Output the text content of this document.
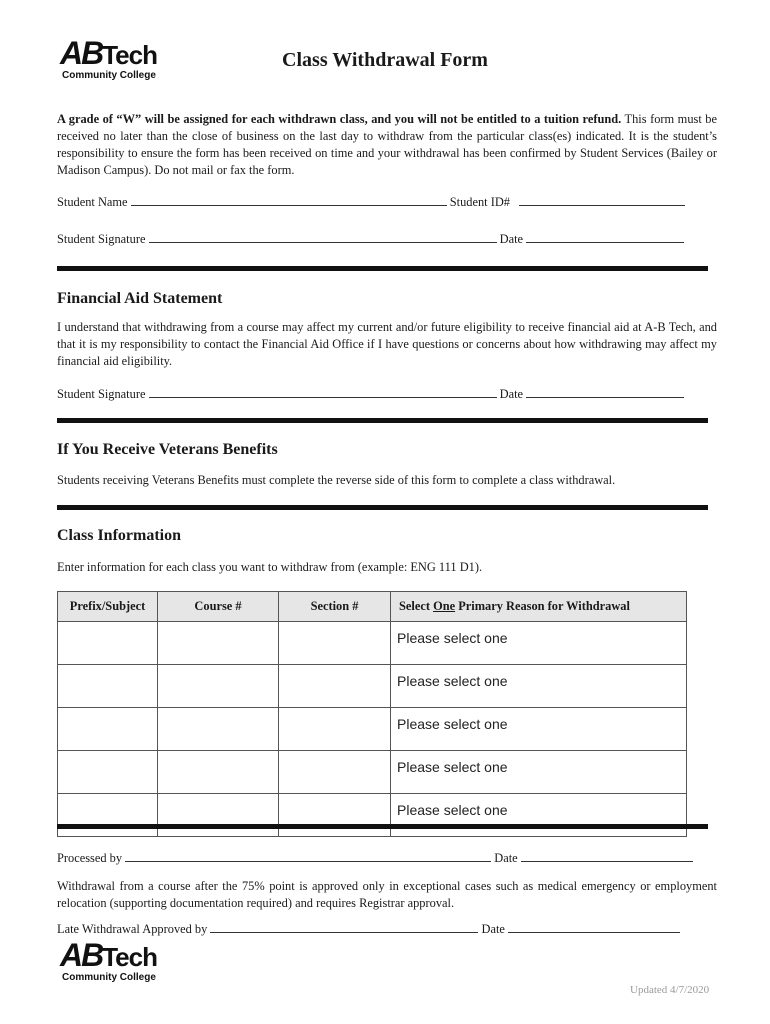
ABTech
Community College
Class Withdrawal Form
A grade of “W” will be assigned for each withdrawn class, and you will not be entitled to a tuition refund. This form must be received no later than the close of business on the last day to withdraw from the particular class(es) indicated. It is the student’s responsibility to ensure the form has been received on time and your withdrawal has been confirmed by Student Services (Bailey or Madison Campus). Do not mail or fax the form.
Student Name	Student ID#
Student Signature	Date
Financial Aid Statement
I understand that withdrawing from a course may affect my current and/or future eligibility to receive financial aid at A-B Tech, and that it is my responsibility to contact the Financial Aid Office if I have questions or concerns about how withdrawing may affect my financial aid eligibility.
Student Signature	Date
If You Receive Veterans Benefits
Students receiving Veterans Benefits must complete the reverse side of this form to complete a class withdrawal.
Class Information
Enter information for each class you want to withdraw from (example: ENG 111 D1).
Prefix/Subject	Course #	Section #	Select One Primary Reason for Withdrawal
			Please select one
			Please select one
			Please select one
			Please select one
			Please select one
Processed by	Date
Withdrawal from a course after the 75% point is approved only in exceptional cases such as medical emergency or employment relocation (supporting documentation required) and requires Registrar approval.
Late Withdrawal Approved by	Date
ABTech
Community College
Updated 4/7/2020
